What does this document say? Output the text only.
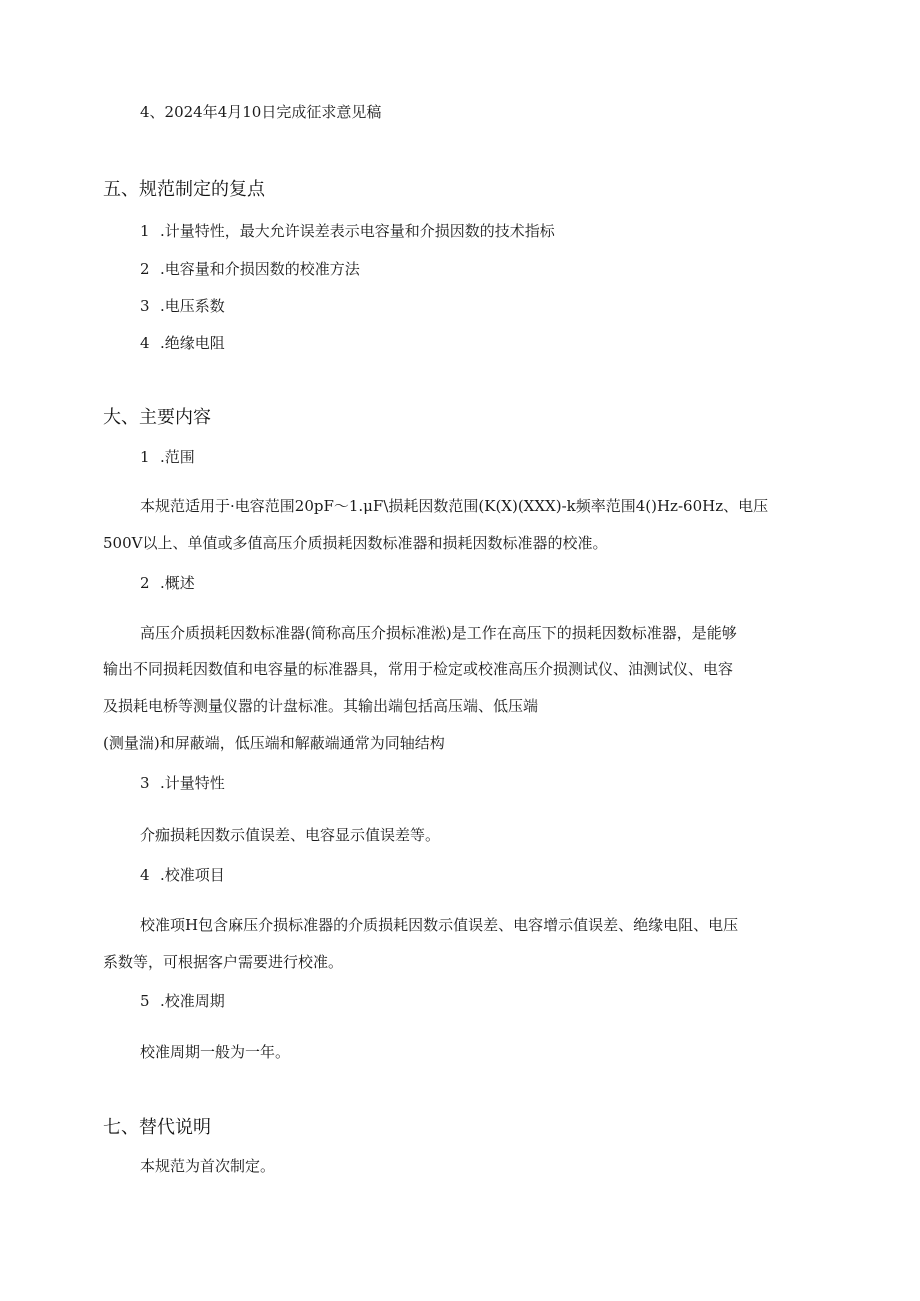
4、2024年4月10日完成征求意见稿
五、规范制定的复点
1 .计量特性，最大允许误差表示电容量和介损因数的技术指标
2 .电容量和介损因数的校准方法
3 .电压系数
4 .绝缘电阻
大、主要内容
1 .范围
本规范适用于·电容范围20pF～1.μF\损耗因数范围(K(X)(XXX)-k频率范围4()Hz-60Hz、电压
500V以上、单值或多值高压介质损耗因数标准器和损耗因数标准器的校准。
2 .概述
高压介质损耗因数标准器(简称高压介损标准淞)是工作在高压下的损耗因数标准器，是能够
输出不同损耗因数值和电容量的标准器具，常用于检定或校准高压介损测试仪、油测试仪、电容
及损耗电桥等测量仪嚣的计盘标准。其输出端包括高压端、低压端
(测量湍)和屏蔽端，低压端和解蔽端通常为同轴结构
3 .计量特性
介痂损耗因数示值误差、电容显示值误差等。
4 .校准项目
校准项H包含麻压介损标准器的介质损耗因数示值误差、电容增示值误差、绝缘电阻、电压
系数等，可根据客户需要进行校准。
5 .校准周期
校准周期一般为一年。
七、替代说明
本规范为首次制定。
